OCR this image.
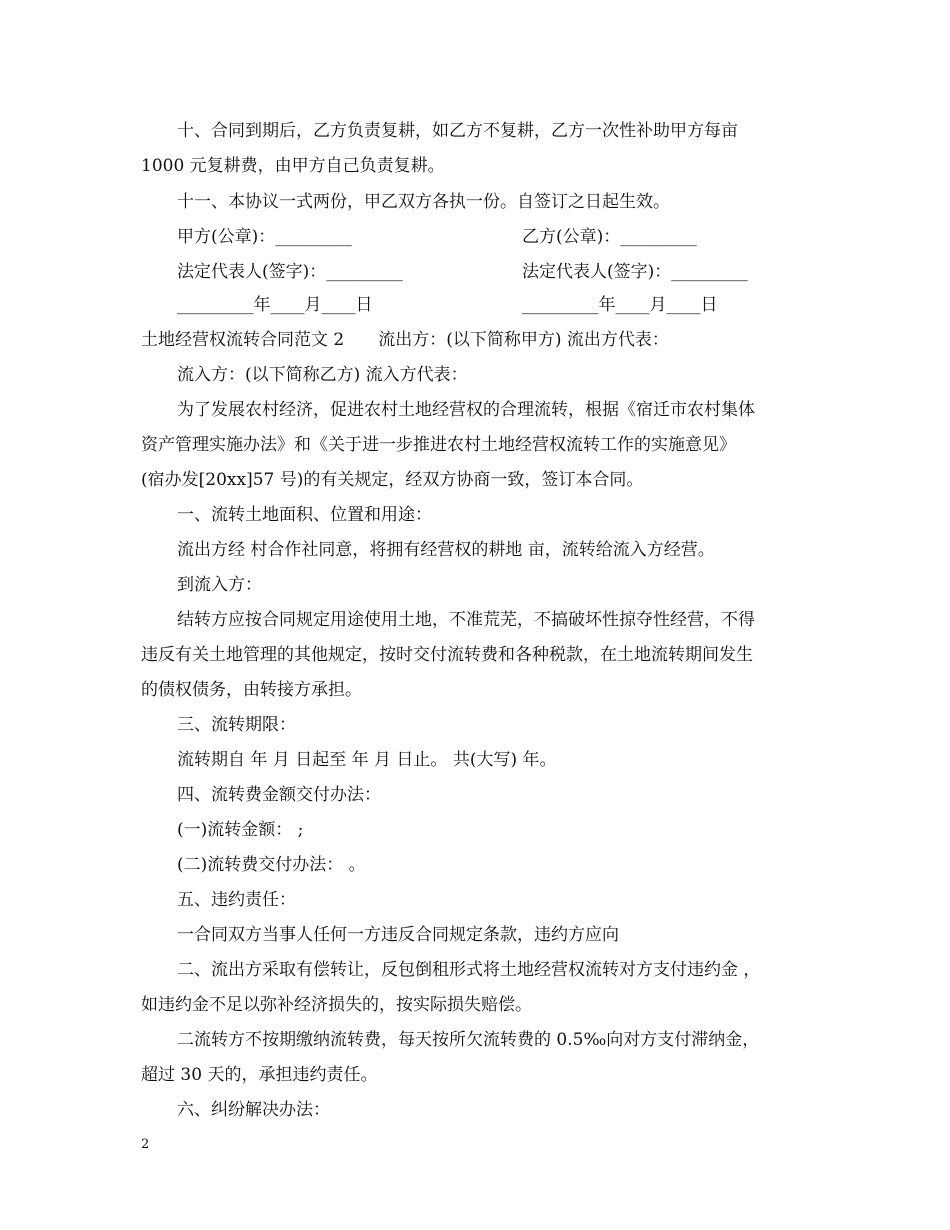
十、合同到期后，乙方负责复耕，如乙方不复耕，乙方一次性补助甲方每亩

1000 元复耕费，由甲方自己负责复耕。

十一、本协议一式两份，甲乙双方各执一份。自签订之日起生效。

甲方(公章)：_________	乙方(公章)：_________

法定代表人(签字)：_________	法定代表人(签字)：_________

_________年____月____日	_________年____月____日

土地经营权流转合同范文 2　　流出方：(以下简称甲方) 流出方代表：

流入方：(以下简称乙方) 流入方代表：

为了发展农村经济，促进农村土地经营权的合理流转，根据《宿迁市农村集体

资产管理实施办法》和《关于进一步推进农村土地经营权流转工作的实施意见》

(宿办发[20xx]57 号)的有关规定，经双方协商一致，签订本合同。

一、流转土地面积、位置和用途：

流出方经 村合作社同意，将拥有经营权的耕地 亩，流转给流入方经营。

到流入方：

结转方应按合同规定用途使用土地，不准荒芜，不搞破坏性掠夺性经营，不得

违反有关土地管理的其他规定，按时交付流转费和各种税款，在土地流转期间发生

的债权债务，由转接方承担。

三、流转期限：

流转期自 年 月 日起至 年 月 日止。 共(大写) 年。

四、流转费金额交付办法：

(一)流转金额： ;

(二)流转费交付办法： 。

五、违约责任：

一合同双方当事人任何一方违反合同规定条款，违约方应向

二、流出方采取有偿转让，反包倒租形式将土地经营权流转对方支付违约金 ，

如违约金不足以弥补经济损失的，按实际损失赔偿。

二流转方不按期缴纳流转费，每天按所欠流转费的 0.5‰向对方支付滞纳金，

超过 30 天的，承担违约责任。

六、纠纷解决办法：

2
